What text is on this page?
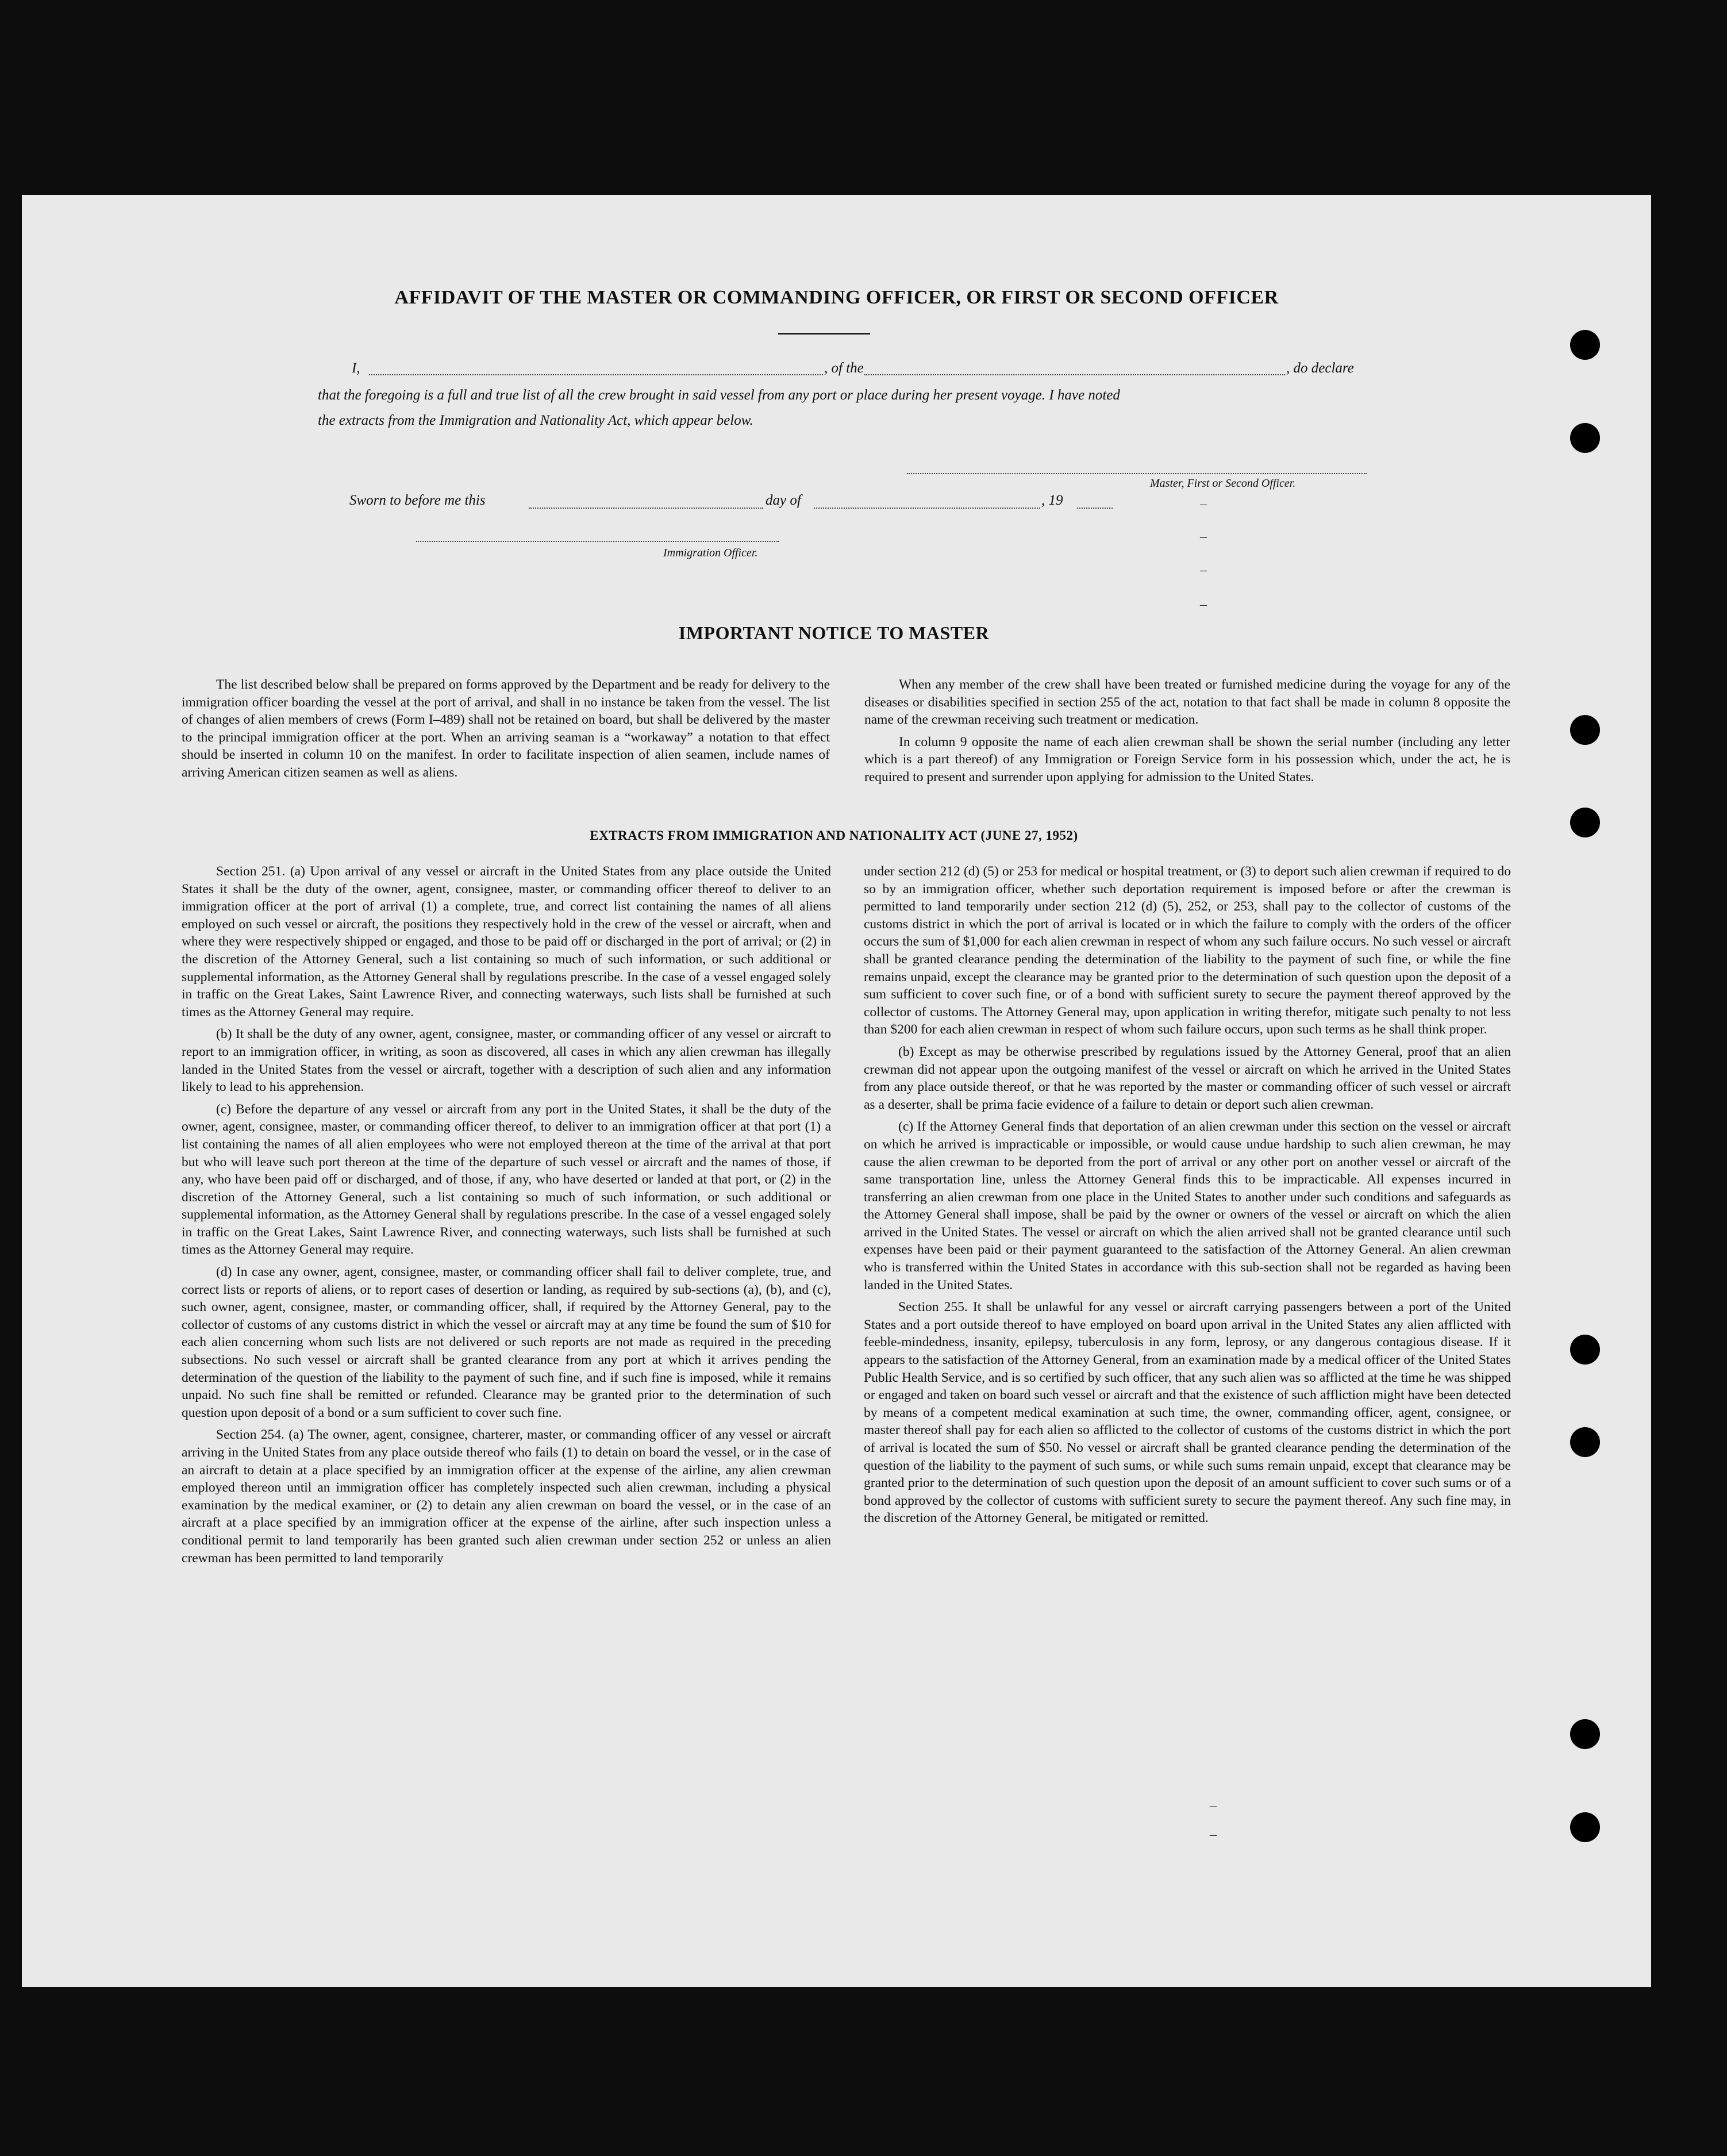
AFFIDAVIT OF THE MASTER OR COMMANDING OFFICER, OR FIRST OR SECOND OFFICER
I,	, of the	, do declare
that the foregoing is a full and true list of all the crew brought in said vessel from any port or place during her present voyage. I have noted
the extracts from the Immigration and Nationality Act, which appear below.
Master, First or Second Officer.
Sworn to before me this	day of	, 19
Immigration Officer.
–
–
–
–
IMPORTANT NOTICE TO MASTER

The list described below shall be prepared on forms approved by the Department and be ready for delivery to the immigration officer boarding the vessel at the port of arrival, and shall in no instance be taken from the vessel. The list of changes of alien members of crews (Form I–489) shall not be retained on board, but shall be delivered by the master to the principal immigration officer at the port. When an arriving seaman is a “workaway” a notation to that effect should be inserted in column 10 on the manifest. In order to facilitate inspection of alien seamen, include names of arriving American citizen seamen as well as aliens.

When any member of the crew shall have been treated or furnished medicine during the voyage for any of the diseases or disabilities specified in section 255 of the act, notation to that fact shall be made in column 8 opposite the name of the crewman receiving such treatment or medication.

In column 9 opposite the name of each alien crewman shall be shown the serial number (including any letter which is a part thereof) of any Immigration or Foreign Service form in his possession which, under the act, he is required to present and surrender upon applying for admission to the United States.

EXTRACTS FROM IMMIGRATION AND NATIONALITY ACT (JUNE 27, 1952)

Section 251. (a) Upon arrival of any vessel or aircraft in the United States from any place outside the United States it shall be the duty of the owner, agent, consignee, master, or commanding officer thereof to deliver to an immigration officer at the port of arrival (1) a complete, true, and correct list containing the names of all aliens employed on such vessel or aircraft, the positions they respectively hold in the crew of the vessel or aircraft, when and where they were respectively shipped or engaged, and those to be paid off or discharged in the port of arrival; or (2) in the discretion of the Attorney General, such a list containing so much of such information, or such additional or supplemental information, as the Attorney General shall by regulations prescribe. In the case of a vessel engaged solely in traffic on the Great Lakes, Saint Lawrence River, and connecting waterways, such lists shall be furnished at such times as the Attorney General may require.

(b) It shall be the duty of any owner, agent, consignee, master, or commanding officer of any vessel or aircraft to report to an immigration officer, in writing, as soon as discovered, all cases in which any alien crewman has illegally landed in the United States from the vessel or aircraft, together with a description of such alien and any information likely to lead to his apprehension.

(c) Before the departure of any vessel or aircraft from any port in the United States, it shall be the duty of the owner, agent, consignee, master, or commanding officer thereof, to deliver to an immigration officer at that port (1) a list containing the names of all alien employees who were not employed thereon at the time of the arrival at that port but who will leave such port thereon at the time of the departure of such vessel or aircraft and the names of those, if any, who have been paid off or discharged, and of those, if any, who have deserted or landed at that port, or (2) in the discretion of the Attorney General, such a list containing so much of such information, or such additional or supplemental information, as the Attorney General shall by regulations prescribe. In the case of a vessel engaged solely in traffic on the Great Lakes, Saint Lawrence River, and connecting waterways, such lists shall be furnished at such times as the Attorney General may require.

(d) In case any owner, agent, consignee, master, or commanding officer shall fail to deliver complete, true, and correct lists or reports of aliens, or to report cases of desertion or landing, as required by sub-sections (a), (b), and (c), such owner, agent, consignee, master, or commanding officer, shall, if required by the Attorney General, pay to the collector of customs of any customs district in which the vessel or aircraft may at any time be found the sum of $10 for each alien concerning whom such lists are not delivered or such reports are not made as required in the preceding subsections. No such vessel or aircraft shall be granted clearance from any port at which it arrives pending the determination of the question of the liability to the payment of such fine, and if such fine is imposed, while it remains unpaid. No such fine shall be remitted or refunded. Clearance may be granted prior to the determination of such question upon deposit of a bond or a sum sufficient to cover such fine.

Section 254. (a) The owner, agent, consignee, charterer, master, or commanding officer of any vessel or aircraft arriving in the United States from any place outside thereof who fails (1) to detain on board the vessel, or in the case of an aircraft to detain at a place specified by an immigration officer at the expense of the airline, any alien crewman employed thereon until an immigration officer has completely inspected such alien crewman, including a physical examination by the medical examiner, or (2) to detain any alien crewman on board the vessel, or in the case of an aircraft at a place specified by an immigration officer at the expense of the airline, after such inspection unless a conditional permit to land temporarily has been granted such alien crewman under section 252 or unless an alien crewman has been permitted to land temporarily

under section 212 (d) (5) or 253 for medical or hospital treatment, or (3) to deport such alien crewman if required to do so by an immigration officer, whether such deportation requirement is imposed before or after the crewman is permitted to land temporarily under section 212 (d) (5), 252, or 253, shall pay to the collector of customs of the customs district in which the port of arrival is located or in which the failure to comply with the orders of the officer occurs the sum of $1,000 for each alien crewman in respect of whom any such failure occurs. No such vessel or aircraft shall be granted clearance pending the determination of the liability to the payment of such fine, or while the fine remains unpaid, except the clearance may be granted prior to the determination of such question upon the deposit of a sum sufficient to cover such fine, or of a bond with sufficient surety to secure the payment thereof approved by the collector of customs. The Attorney General may, upon application in writing therefor, mitigate such penalty to not less than $200 for each alien crewman in respect of whom such failure occurs, upon such terms as he shall think proper.

(b) Except as may be otherwise prescribed by regulations issued by the Attorney General, proof that an alien crewman did not appear upon the outgoing manifest of the vessel or aircraft on which he arrived in the United States from any place outside thereof, or that he was reported by the master or commanding officer of such vessel or aircraft as a deserter, shall be prima facie evidence of a failure to detain or deport such alien crewman.

(c) If the Attorney General finds that deportation of an alien crewman under this section on the vessel or aircraft on which he arrived is impracticable or impossible, or would cause undue hardship to such alien crewman, he may cause the alien crewman to be deported from the port of arrival or any other port on another vessel or aircraft of the same transportation line, unless the Attorney General finds this to be impracticable. All expenses incurred in transferring an alien crewman from one place in the United States to another under such conditions and safeguards as the Attorney General shall impose, shall be paid by the owner or owners of the vessel or aircraft on which the alien arrived in the United States. The vessel or aircraft on which the alien arrived shall not be granted clearance until such expenses have been paid or their payment guaranteed to the satisfaction of the Attorney General. An alien crewman who is transferred within the United States in accordance with this sub-section shall not be regarded as having been landed in the United States.

Section 255. It shall be unlawful for any vessel or aircraft carrying passengers between a port of the United States and a port outside thereof to have employed on board upon arrival in the United States any alien afflicted with feeble-mindedness, insanity, epilepsy, tuberculosis in any form, leprosy, or any dangerous contagious disease. If it appears to the satisfaction of the Attorney General, from an examination made by a medical officer of the United States Public Health Service, and is so certified by such officer, that any such alien was so afflicted at the time he was shipped or engaged and taken on board such vessel or aircraft and that the existence of such affliction might have been detected by means of a competent medical examination at such time, the owner, commanding officer, agent, consignee, or master thereof shall pay for each alien so afflicted to the collector of customs of the customs district in which the port of arrival is located the sum of $50. No vessel or aircraft shall be granted clearance pending the determination of the question of the liability to the payment of such sums, or while such sums remain unpaid, except that clearance may be granted prior to the determination of such question upon the deposit of an amount sufficient to cover such sums or of a bond approved by the collector of customs with sufficient surety to secure the payment thereof. Any such fine may, in the discretion of the Attorney General, be mitigated or remitted.

–
–
